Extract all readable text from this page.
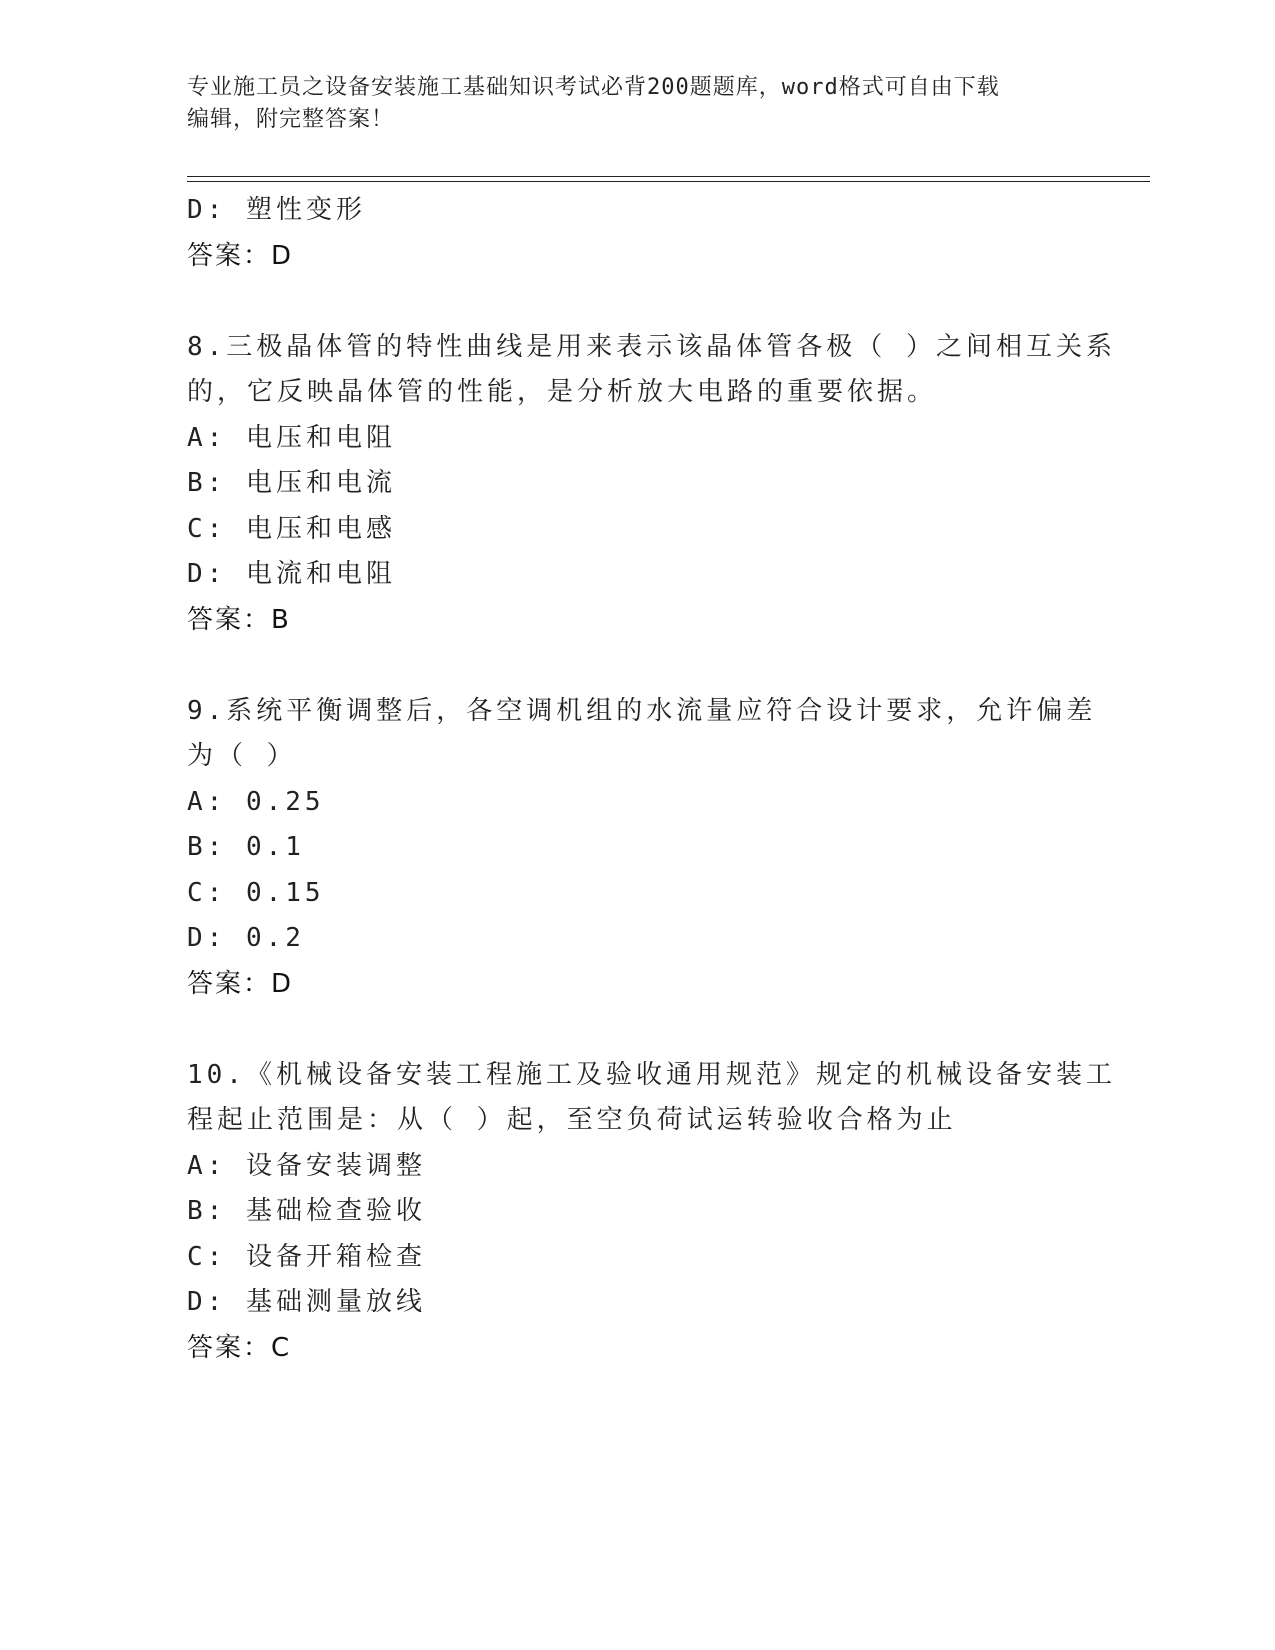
专业施工员之设备安装施工基础知识考试必背200题题库，word格式可自由下载
编辑，附完整答案！
D: 塑性变形
答案：D
8.三极晶体管的特性曲线是用来表示该晶体管各极（ ）之间相互关系
的，它反映晶体管的性能，是分析放大电路的重要依据。
A: 电压和电阻
B: 电压和电流
C: 电压和电感
D: 电流和电阻
答案：B
9.系统平衡调整后，各空调机组的水流量应符合设计要求，允许偏差
为（ ）
A: 0.25
B: 0.1
C: 0.15
D: 0.2
答案：D
10.《机械设备安装工程施工及验收通用规范》规定的机械设备安装工
程起止范围是：从（ ）起，至空负荷试运转验收合格为止
A: 设备安装调整
B: 基础检查验收
C: 设备开箱检查
D: 基础测量放线
答案：C
